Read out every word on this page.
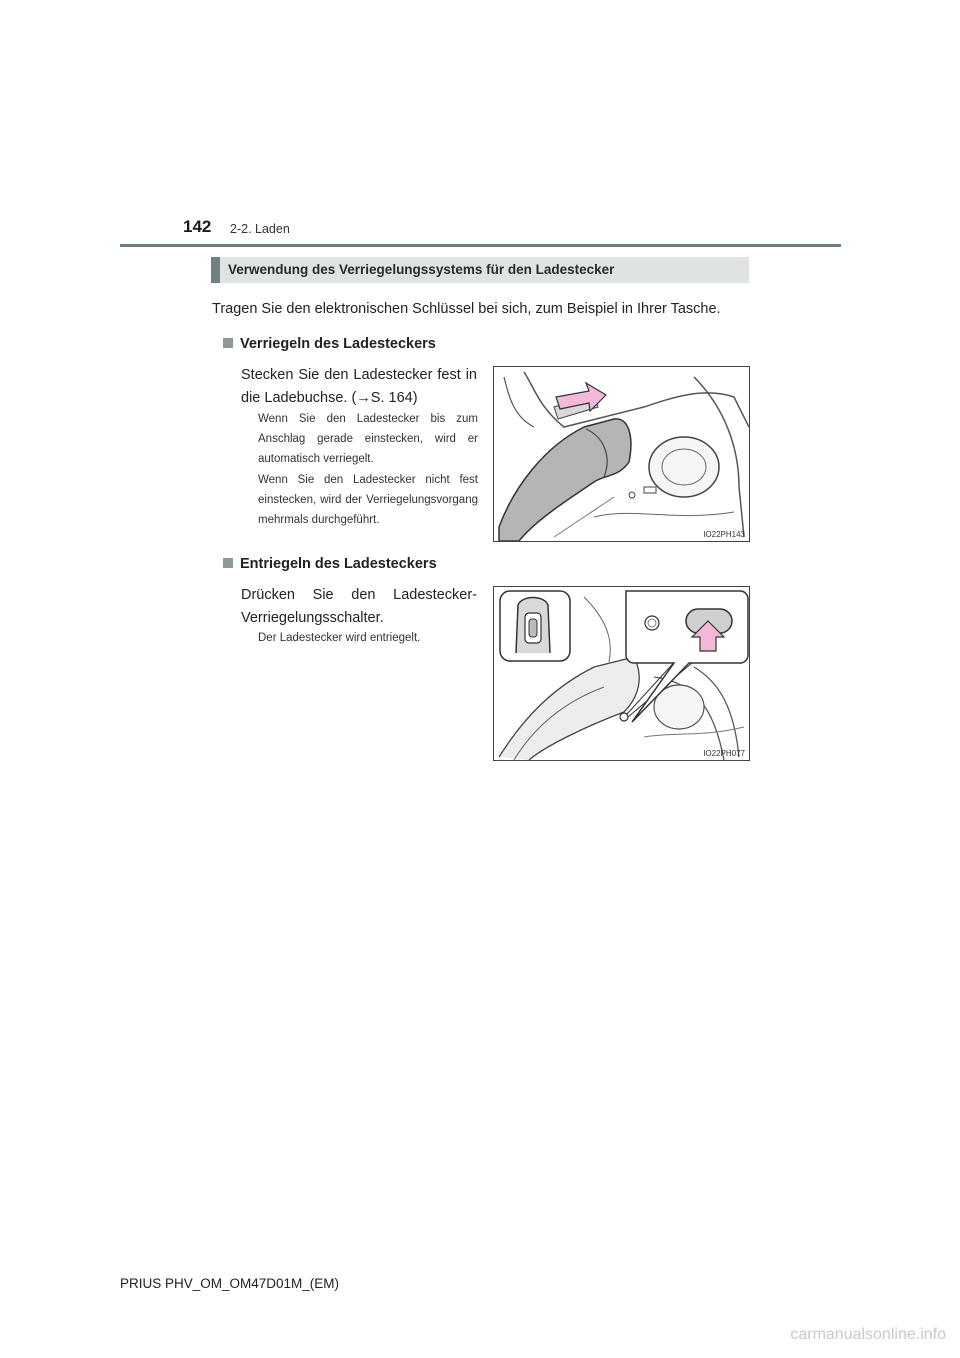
142 2-2. Laden
Verwendung des Verriegelungssystems für den Ladestecker
Tragen Sie den elektronischen Schlüssel bei sich, zum Beispiel in Ihrer Tasche.
Verriegeln des Ladesteckers
Stecken Sie den Ladestecker fest in die Ladebuchse. (→S. 164)
Wenn Sie den Ladestecker bis zum Anschlag gerade einstecken, wird er automatisch verriegelt.
Wenn Sie den Ladestecker nicht fest einstecken, wird der Verriegelungsvorgang mehrmals durchgeführt.
IO22PH143
Entriegeln des Ladesteckers
Drücken Sie den Ladestecker-Verriegelungsschalter.
Der Ladestecker wird entriegelt.
IO22PH077
PRIUS PHV_OM_OM47D01M_(EM)
carmanualsonline.info
